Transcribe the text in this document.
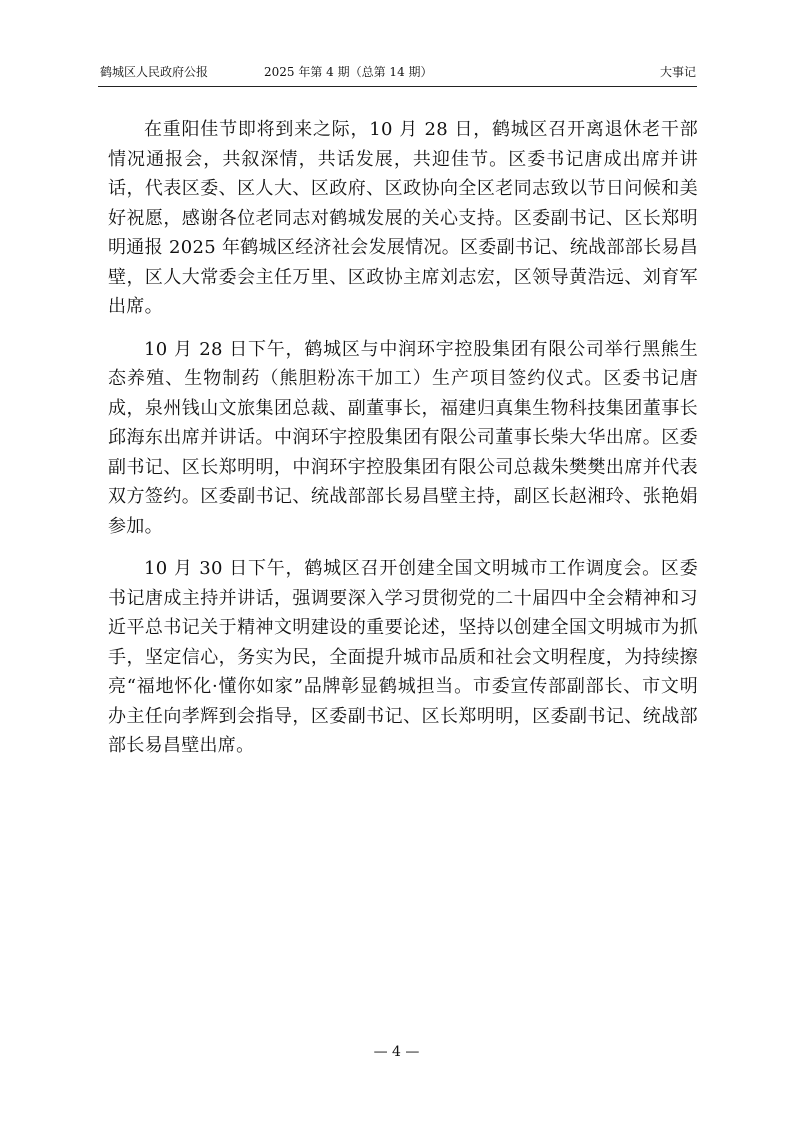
鹤城区人民政府公报	2025 年第 4 期（总第 14 期）	大事记

在重阳佳节即将到来之际，10 月 28 日，鹤城区召开离退休老干部情况通报会，共叙深情，共话发展，共迎佳节。区委书记唐成出席并讲话，代表区委、区人大、区政府、区政协向全区老同志致以节日问候和美好祝愿，感谢各位老同志对鹤城发展的关心支持。区委副书记、区长郑明明通报 2025 年鹤城区经济社会发展情况。区委副书记、统战部部长易昌壁，区人大常委会主任万里、区政协主席刘志宏，区领导黄浩远、刘育军出席。

10 月 28 日下午，鹤城区与中润环宇控股集团有限公司举行黑熊生态养殖、生物制药（熊胆粉冻干加工）生产项目签约仪式。区委书记唐成，泉州钱山文旅集团总裁、副董事长，福建归真集生物科技集团董事长邱海东出席并讲话。中润环宇控股集团有限公司董事长柴大华出席。区委副书记、区长郑明明，中润环宇控股集团有限公司总裁朱樊樊出席并代表双方签约。区委副书记、统战部部长易昌壁主持，副区长赵湘玲、张艳娟参加。

10 月 30 日下午，鹤城区召开创建全国文明城市工作调度会。区委书记唐成主持并讲话，强调要深入学习贯彻党的二十届四中全会精神和习近平总书记关于精神文明建设的重要论述，坚持以创建全国文明城市为抓手，坚定信心，务实为民，全面提升城市品质和社会文明程度，为持续擦亮“福地怀化·懂你如家”品牌彰显鹤城担当。市委宣传部副部长、市文明办主任向孝辉到会指导，区委副书记、区长郑明明，区委副书记、统战部部长易昌壁出席。

— 4 —
